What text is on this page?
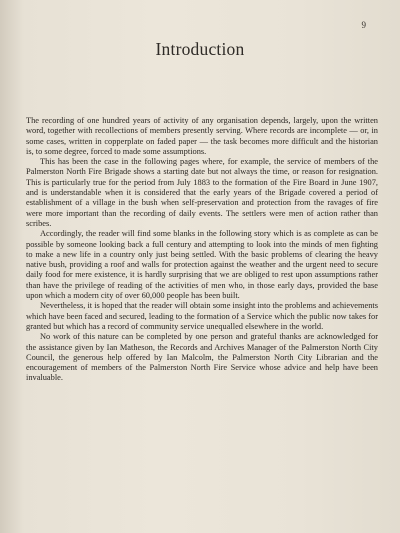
9
Introduction

The recording of one hundred years of activity of any organisation depends, largely, upon the written word, together with recollections of members presently serving. Where records are incomplete — or, in some cases, written in copperplate on faded paper — the task becomes more difficult and the historian is, to some degree, forced to made some assumptions.

This has been the case in the following pages where, for example, the service of members of the Palmerston North Fire Brigade shows a starting date but not always the time, or reason for resignation. This is particularly true for the period from July 1883 to the formation of the Fire Board in June 1907, and is understandable when it is considered that the early years of the Brigade covered a period of establishment of a village in the bush when self-preservation and protection from the ravages of fire were more important than the recording of daily events. The settlers were men of action rather than scribes.

Accordingly, the reader will find some blanks in the following story which is as complete as can be possible by someone looking back a full century and attempting to look into the minds of men fighting to make a new life in a country only just being settled. With the basic problems of clearing the heavy native bush, providing a roof and walls for protection against the weather and the urgent need to secure daily food for mere existence, it is hardly surprising that we are obliged to rest upon assumptions rather than have the privilege of reading of the activities of men who, in those early days, provided the base upon which a modern city of over 60,000 people has been built.

Nevertheless, it is hoped that the reader will obtain some insight into the problems and achievements which have been faced and secured, leading to the formation of a Service which the public now takes for granted but which has a record of community service unequalled elsewhere in the world.

No work of this nature can be completed by one person and grateful thanks are acknowledged for the assistance given by Ian Matheson, the Records and Archives Manager of the Palmerston North City Council, the generous help offered by Ian Malcolm, the Palmerston North City Librarian and the encouragement of members of the Palmerston North Fire Service whose advice and help have been invaluable.
